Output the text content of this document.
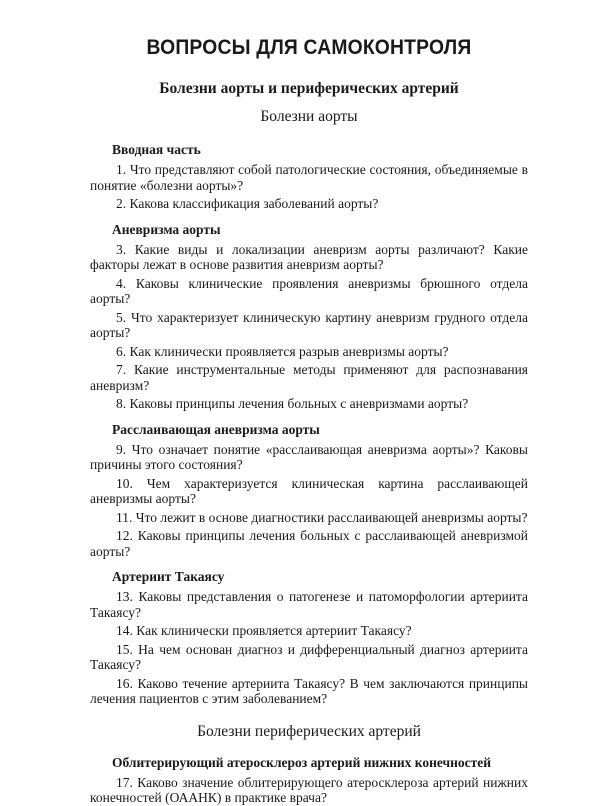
ВОПРОСЫ ДЛЯ САМОКОНТРОЛЯ
Болезни аорты и периферических артерий
Болезни аорты
Вводная часть

1. Что представляют собой патологические состояния, объединяемые в понятие «болезни аорты»?

2. Какова классификация заболеваний аорты?

Аневризма аорты

3. Какие виды и локализации аневризм аорты различают? Какие факторы лежат в основе развития аневризм аорты?

4. Каковы клинические проявления аневризмы брюшного отдела аорты?

5. Что характеризует клиническую картину аневризм грудного отдела аорты?

6. Как клинически проявляется разрыв аневризмы аорты?

7. Какие инструментальные методы применяют для распознавания аневризм?

8. Каковы принципы лечения больных с аневризмами аорты?

Расслаивающая аневризма аорты

9. Что означает понятие «расслаивающая аневризма аорты»? Каковы причины этого состояния?

10. Чем характеризуется клиническая картина расслаивающей аневризмы аорты?

11. Что лежит в основе диагностики расслаивающей аневризмы аорты?

12. Каковы принципы лечения больных с расслаивающей аневризмой аорты?

Артериит Такаясу

13. Каковы представления о патогенезе и патоморфологии артериита Такаясу?

14. Как клинически проявляется артериит Такаясу?

15. На чем основан диагноз и дифференциальный диагноз артериита Такаясу?

16. Каково течение артериита Такаясу? В чем заключаются принципы лечения пациентов с этим заболеванием?

Болезни периферических артерий
Облитерирующий атеросклероз артерий нижних конечностей

17. Каково значение облитерирующего атеросклероза артерий нижних конечностей (ОААНК) в практике врача?
